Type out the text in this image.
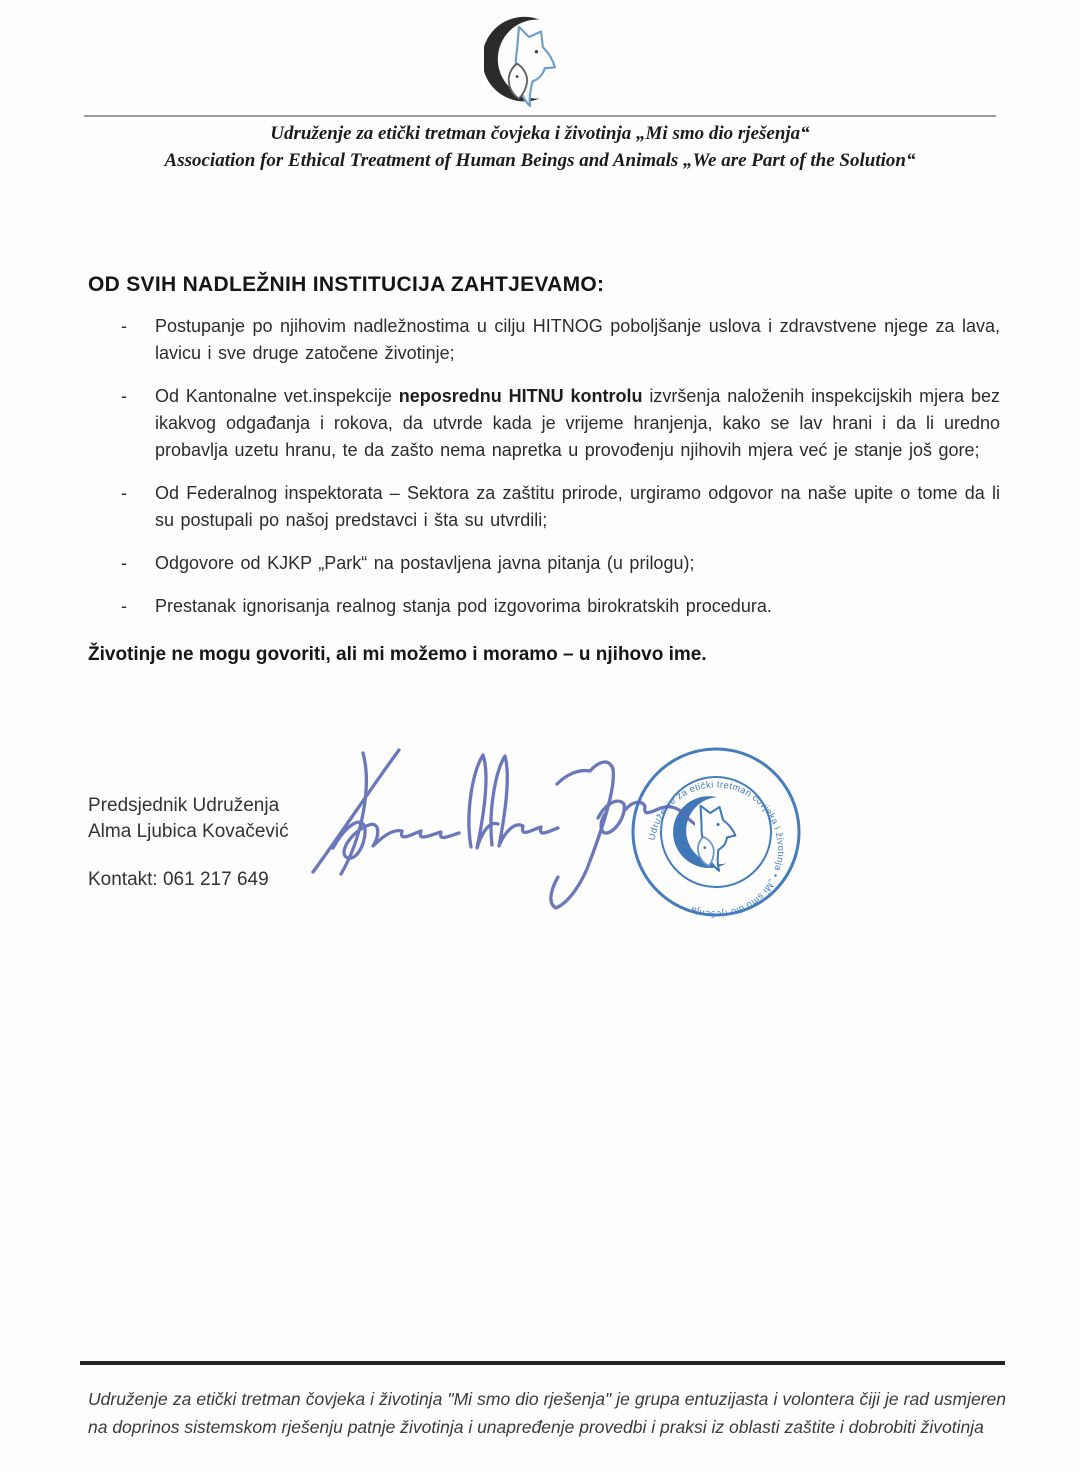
Udruženje za etički tretman čovjeka i životinja „Mi smo dio rješenja“
Association for Ethical Treatment of Human Beings and Animals „We are Part of the Solution“

OD SVIH NADLEŽNIH INSTITUCIJA ZAHTJEVAMO:

- Postupanje po njihovim nadležnostima u cilju HITNOG poboljšanje uslova i zdravstvene njege za lava, lavicu i sve druge zatočene životinje;
- Od Kantonalne vet.inspekcije neposrednu HITNU kontrolu izvršenja naloženih inspekcijskih mjera bez ikakvog odgađanja i rokova, da utvrde kada je vrijeme hranjenja, kako se lav hrani i da li uredno probavlja uzetu hranu, te da zašto nema napretka u provođenju njihovih mjera već je stanje još gore;
- Od Federalnog inspektorata – Sektora za zaštitu prirode, urgiramo odgovor na naše upite o tome da li su postupali po našoj predstavci i šta su utvrdili;
- Odgovore od KJKP „Park“ na postavljena javna pitanja (u prilogu);
- Prestanak ignorisanja realnog stanja pod izgovorima birokratskih procedura.

Životinje ne mogu govoriti, ali mi možemo i moramo – u njihovo ime.

Predsjednik Udruženja
Alma Ljubica Kovačević
Kontakt: 061 217 649
Udruženje za etički tretman čovjeka i životinja • „Mi smo dio rješenja“

Udruženje za etički tretman čovjeka i životinja "Mi smo dio rješenja" je grupa entuzijasta i volontera čiji je rad usmjeren na doprinos sistemskom rješenju patnje životinja i unapređenje provedbi i praksi iz oblasti zaštite i dobrobiti životinja
